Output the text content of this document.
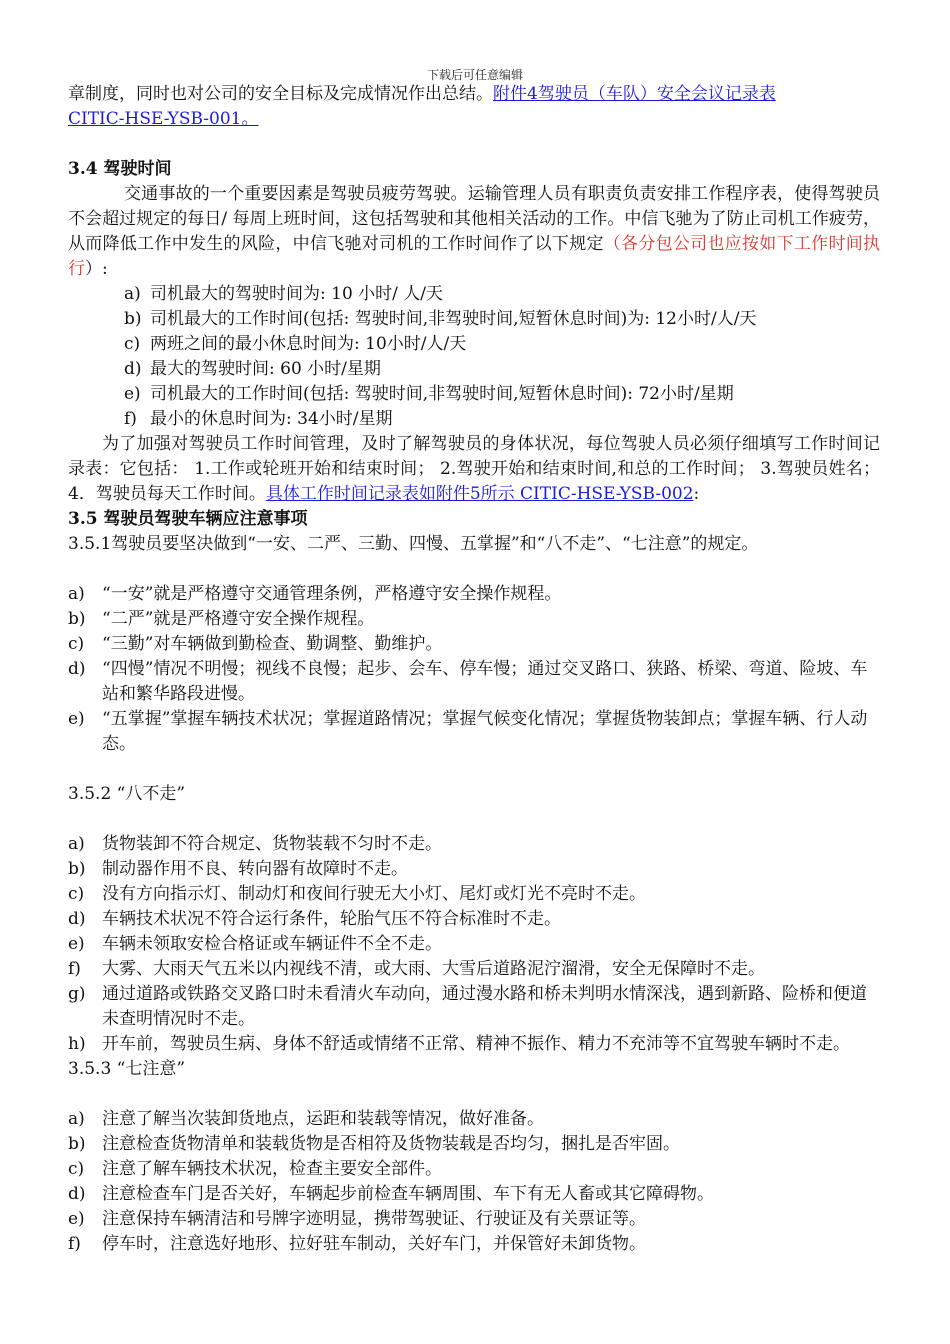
下载后可任意编辑

章制度，同时也对公司的安全目标及完成情况作出总结。附件4驾驶员（车队）安全会议记录表
CITIC-HSE-YSB-001。

3.4 驾驶时间

交通事故的一个重要因素是驾驶员疲劳驾驶。运输管理人员有职责负责安排工作程序表，使得驾驶员不会超过规定的每日/ 每周上班时间，这包括驾驶和其他相关活动的工作。中信飞驰为了防止司机工作疲劳，从而降低工作中发生的风险，中信飞驰对司机的工作时间作了以下规定（各分包公司也应按如下工作时间执行）:

a) 司机最大的驾驶时间为: 10 小时/ 人/天
b) 司机最大的工作时间(包括: 驾驶时间,非驾驶时间,短暂休息时间)为: 12小时/人/天
c) 两班之间的最小休息时间为: 10小时/人/天
d) 最大的驾驶时间: 60 小时/星期
e) 司机最大的工作时间(包括: 驾驶时间,非驾驶时间,短暂休息时间): 72小时/星期
f) 最小的休息时间为: 34小时/星期

为了加强对驾驶员工作时间管理，及时了解驾驶员的身体状况，每位驾驶人员必须仔细填写工作时间记录表：它包括： 1.工作或轮班开始和结束时间； 2.驾驶开始和结束时间,和总的工作时间； 3.驾驶员姓名；4．驾驶员每天工作时间。具体工作时间记录表如附件5所示 CITIC-HSE-YSB-002:

3.5 驾驶员驾驶车辆应注意事项

3.5.1驾驶员要坚决做到“一安、二严、三勤、四慢、五掌握”和“八不走”、“七注意”的规定。

a)	“一安”就是严格遵守交通管理条例，严格遵守安全操作规程。
b) “二严”就是严格遵守安全操作规程。
c)	“三勤”对车辆做到勤检查、勤调整、勤维护。
d) “四慢”情况不明慢；视线不良慢；起步、会车、停车慢；通过交叉路口、狭路、桥梁、弯道、险坡、车站和繁华路段进慢。
e)	“五掌握”掌握车辆技术状况；掌握道路情况；掌握气候变化情况；掌握货物装卸点；掌握车辆、行人动态。

3.5.2 “八不走”

a)	货物装卸不符合规定、货物装载不匀时不走。
b) 制动器作用不良、转向器有故障时不走。
c)	没有方向指示灯、制动灯和夜间行驶无大小灯、尾灯或灯光不亮时不走。
d) 车辆技术状况不符合运行条件，轮胎气压不符合标准时不走。
e)	车辆未领取安检合格证或车辆证件不全不走。
f)	大雾、大雨天气五米以内视线不清，或大雨、大雪后道路泥泞溜滑，安全无保障时不走。
g) 通过道路或铁路交叉路口时未看清火车动向，通过漫水路和桥未判明水情深浅，遇到新路、险桥和便道未查明情况时不走。
h) 开车前，驾驶员生病、身体不舒适或情绪不正常、精神不振作、精力不充沛等不宜驾驶车辆时不走。

3.5.3 “七注意”

a)	注意了解当次装卸货地点，运距和装载等情况，做好准备。
b) 注意检查货物清单和装载货物是否相符及货物装载是否均匀，捆扎是否牢固。
c)	注意了解车辆技术状况，检查主要安全部件。
d) 注意检查车门是否关好，车辆起步前检查车辆周围、车下有无人畜或其它障碍物。
e)	注意保持车辆清洁和号牌字迹明显，携带驾驶证、行驶证及有关票证等。
f)	停车时，注意选好地形、拉好驻车制动，关好车门，并保管好未卸货物。
